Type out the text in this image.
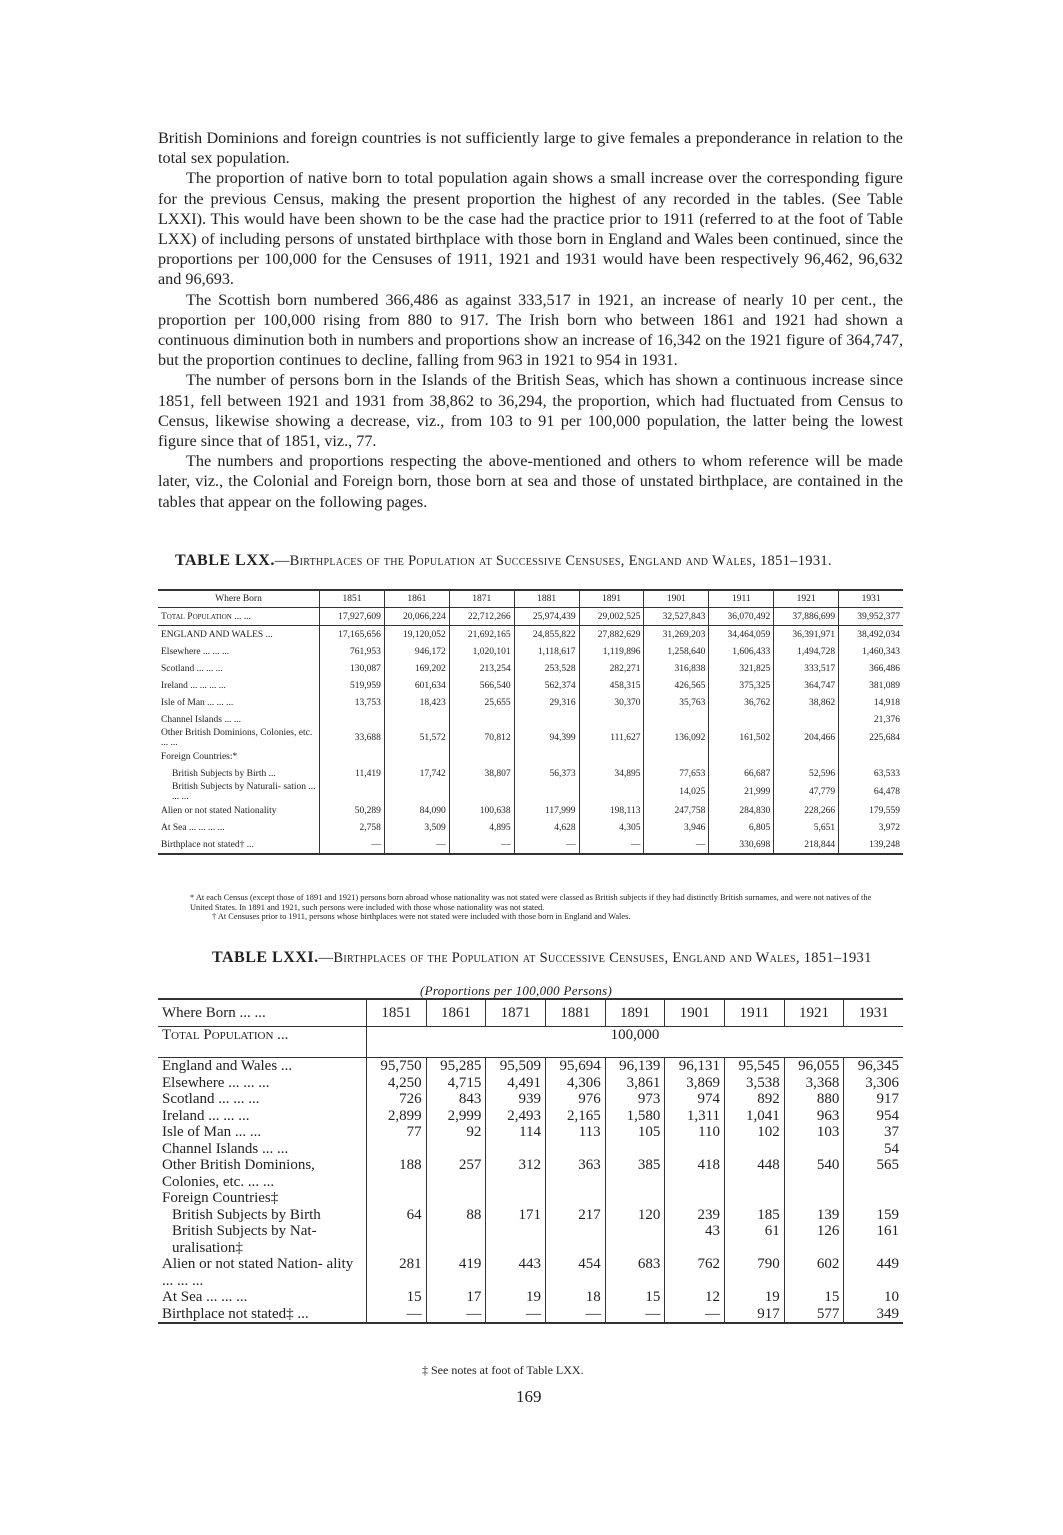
British Dominions and foreign countries is not sufficiently large to give females a preponderance in relation to the total sex population.

The proportion of native born to total population again shows a small increase over the corresponding figure for the previous Census, making the present proportion the highest of any recorded in the tables. (See Table LXXI). This would have been shown to be the case had the practice prior to 1911 (referred to at the foot of Table LXX) of including persons of unstated birthplace with those born in England and Wales been continued, since the proportions per 100,000 for the Censuses of 1911, 1921 and 1931 would have been respectively 96,462, 96,632 and 96,693.

The Scottish born numbered 366,486 as against 333,517 in 1921, an increase of nearly 10 per cent., the proportion per 100,000 rising from 880 to 917. The Irish born who between 1861 and 1921 had shown a continuous diminution both in numbers and proportions show an increase of 16,342 on the 1921 figure of 364,747, but the proportion continues to decline, falling from 963 in 1921 to 954 in 1931.

The number of persons born in the Islands of the British Seas, which has shown a continuous increase since 1851, fell between 1921 and 1931 from 38,862 to 36,294, the proportion, which had fluctuated from Census to Census, likewise showing a decrease, viz., from 103 to 91 per 100,000 population, the latter being the lowest figure since that of 1851, viz., 77.

The numbers and proportions respecting the above-mentioned and others to whom reference will be made later, viz., the Colonial and Foreign born, those born at sea and those of unstated birthplace, are contained in the tables that appear on the following pages.

TABLE LXX.—Birthplaces of the Population at Successive Censuses, England and Wales, 1851–1931.
Where Born	1851	1861	1871	1881	1891	1901	1911	1921	1931
Total Population ... ...	17,927,609	20,066,224	22,712,266	25,974,439	29,002,525	32,527,843	36,070,492	37,886,699	39,952,377
ENGLAND AND WALES ...	17,165,656	19,120,052	21,692,165	24,855,822	27,882,629	31,269,203	34,464,059	36,391,971	38,492,034
Elsewhere ... ... ...	761,953	946,172	1,020,101	1,118,617	1,119,896	1,258,640	1,606,433	1,494,728	1,460,343
Scotland ... ... ...	130,087	169,202	213,254	253,528	282,271	316,838	321,825	333,517	366,486
Ireland ... ... ... ...	519,959	601,634	566,540	562,374	458,315	426,565	375,325	364,747	381,089
Isle of Man ... ... ...	13,753	18,423	25,655	29,316	30,370	35,763	36,762	38,862	14,918
Channel Islands ... ...									21,376
Other British Dominions, Colonies, etc. ... ...	33,688	51,572	70,812	94,399	111,627	136,092	161,502	204,466	225,684
Foreign Countries:*									
British Subjects by Birth ...	11,419	17,742	38,807	56,373	34,895	77,653	66,687	52,596	63,533
British Subjects by Naturali- sation ... ... ...						14,025	21,999	47,779	64,478
Alien or not stated Nationality	50,289	84,090	100,638	117,999	198,113	247,758	284,830	228,266	179,559
At Sea ... ... ... ...	2,758	3,509	4,895	4,628	4,305	3,946	6,805	5,651	3,972
Birthplace not stated† ...	—	—	—	—	—	—	330,698	218,844	139,248
* At each Census (except those of 1891 and 1921) persons born abroad whose nationality was not stated were classed as British subjects if they had distinctly British surnames, and were not natives of the United States. In 1891 and 1921, such persons were included with those whose nationality was not stated.
† At Censuses prior to 1911, persons whose birthplaces were not stated were included with those born in England and Wales.
TABLE LXXI.—Birthplaces of the Population at Successive Censuses, England and Wales, 1851–1931
(Proportions per 100,000 Persons)
Where Born ... ...	1851	1861	1871	1881	1891	1901	1911	1921	1931
Total Population ...	100,000								
England and Wales ...	95,750	95,285	95,509	95,694	96,139	96,131	95,545	96,055	96,345
Elsewhere ... ... ...	4,250	4,715	4,491	4,306	3,861	3,869	3,538	3,368	3,306
Scotland ... ... ...	726	843	939	976	973	974	892	880	917
Ireland ... ... ...	2,899	2,999	2,493	2,165	1,580	1,311	1,041	963	954
Isle of Man ... ...	77	92	114	113	105	110	102	103	37
Channel Islands ... ...									54
Other British Dominions, Colonies, etc. ... ...	188	257	312	363	385	418	448	540	565
Foreign Countries‡									
British Subjects by Birth	64	88	171	217	120	239	185	139	159
British Subjects by Nat- uralisation‡						43	61	126	161
Alien or not stated Nation- ality ... ... ...	281	419	443	454	683	762	790	602	449
At Sea ... ... ...	15	17	19	18	15	12	19	15	10
Birthplace not stated‡ ...	—	—	—	—	—	—	917	577	349
‡ See notes at foot of Table LXX.
169
